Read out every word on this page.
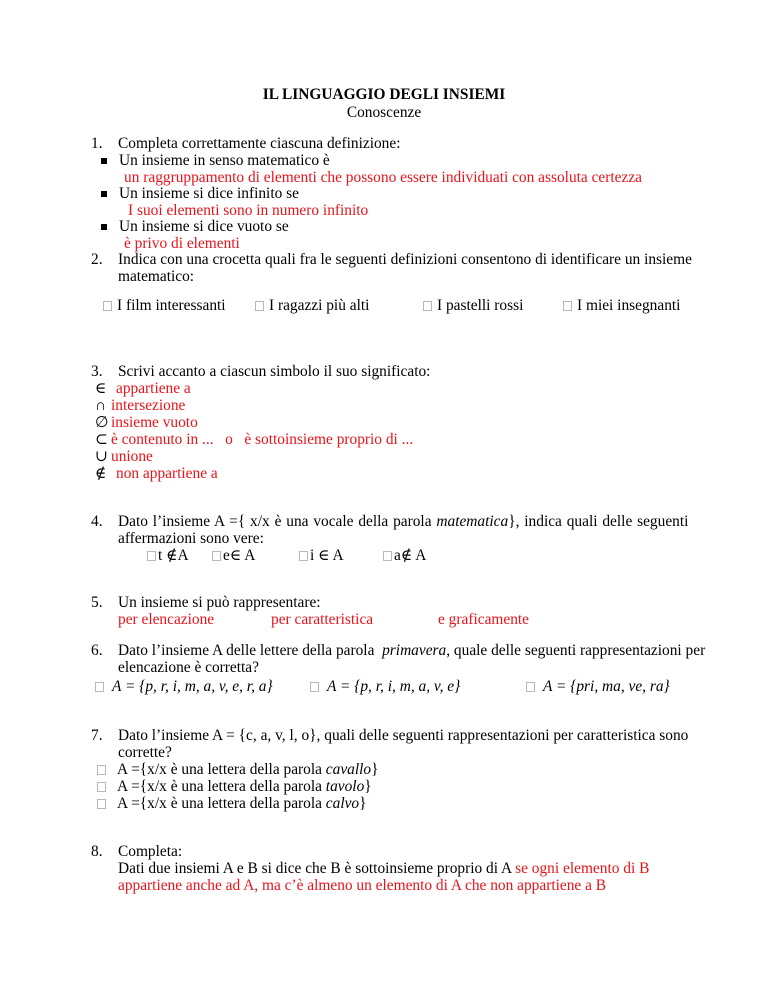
IL LINGUAGGIO DEGLI INSIEMI
Conoscenze
1. Completa correttamente ciascuna definizione:
Un insieme in senso matematico è
un raggruppamento di elementi che possono essere individuati con assoluta certezza
Un insieme si dice infinito se
I suoi elementi sono in numero infinito
Un insieme si dice vuoto se
è privo di elementi
2. Indica con una crocetta quali fra le seguenti definizioni consentono di identificare un insieme
matematico:
I film interessanti	I ragazzi più alti	I pastelli rossi	I miei insegnanti
3. Scrivi accanto a ciascun simbolo il suo significato:
∈ appartiene a
∩ intersezione
∅ insieme vuoto
⊂ è contenuto in ...   o   è sottoinsieme proprio di ...
∪ unione
∉ non appartiene a
4. Dato l’insieme A ={ x/x è una vocale della parola matematica}, indica quali delle seguenti
affermazioni sono vere:
t ∉A	e∈ A	i ∈ A	a∉ A
5. Un insieme si può rappresentare:
per elencazione	per caratteristica	e graficamente
6. Dato l’insieme A delle lettere della parola  primavera, quale delle seguenti rappresentazioni per
elencazione è corretta?
A = {p, r, i, m, a, v, e, r, a}	A = {p, r, i, m, a, v, e}	A = {pri, ma, ve, ra}
7. Dato l’insieme A = {c, a, v, l, o}, quali delle seguenti rappresentazioni per caratteristica sono
corrette?
A ={x/x è una lettera della parola cavallo}
A ={x/x è una lettera della parola tavolo}
A ={x/x è una lettera della parola calvo}
8. Completa:
Dati due insiemi A e B si dice che B è sottoinsieme proprio di A se ogni elemento di B
appartiene anche ad A, ma c’è almeno un elemento di A che non appartiene a B
